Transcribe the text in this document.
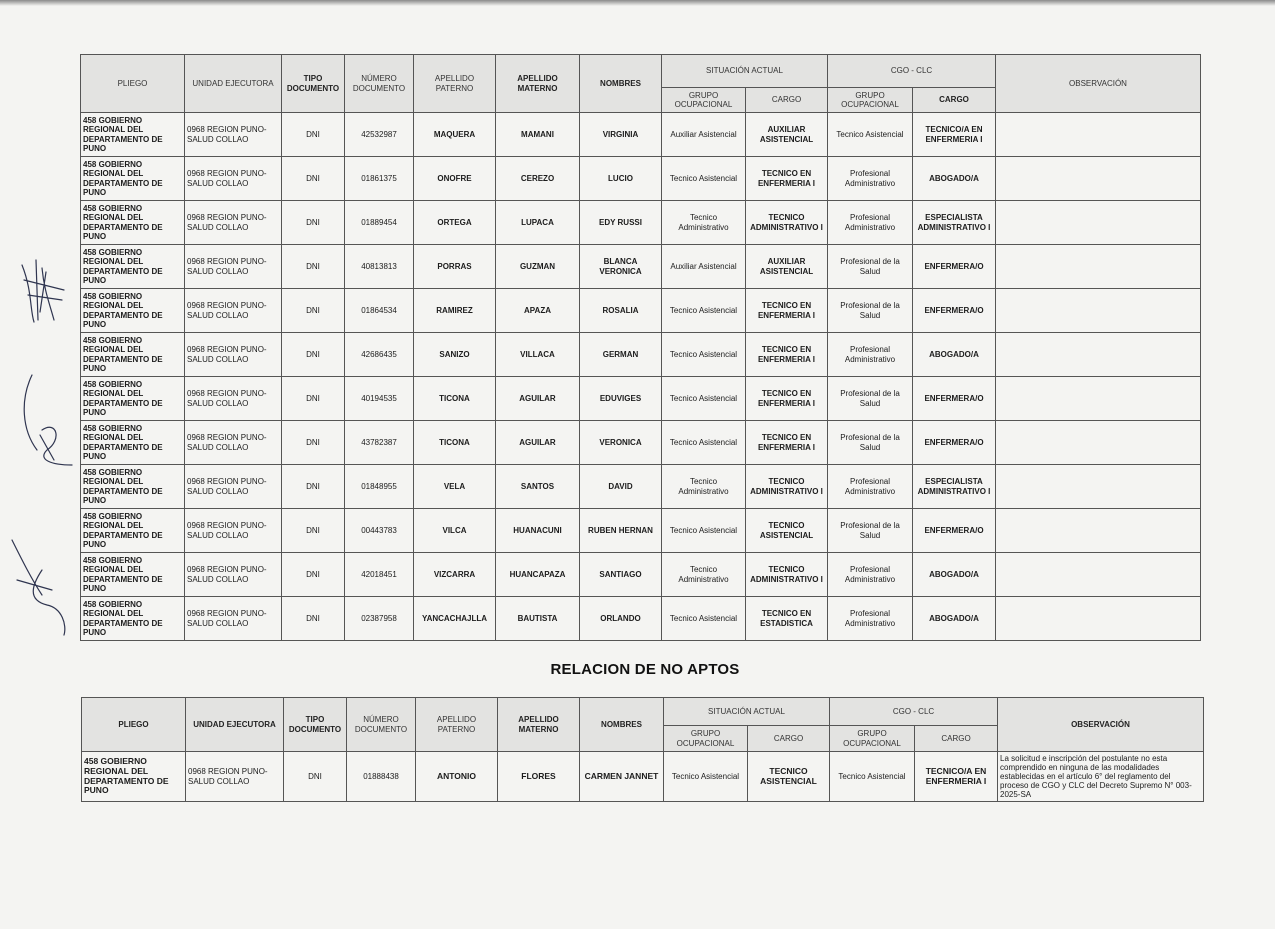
PLIEGO	UNIDAD EJECUTORA	TIPO DOCUMENTO	NÚMERO DOCUMENTO	APELLIDO PATERNO	APELLIDO MATERNO	NOMBRES	SITUACIÓN ACTUAL		CGO - CLC		OBSERVACIÓN
							GRUPO OCUPACIONAL	CARGO	GRUPO OCUPACIONAL	CARGO	
458 GOBIERNO REGIONAL DEL DEPARTAMENTO DE PUNO	0968 REGION PUNO-SALUD COLLAO	DNI	42532987	MAQUERA	MAMANI	VIRGINIA	Auxiliar Asistencial	AUXILIAR ASISTENCIAL	Tecnico Asistencial	TECNICO/A EN ENFERMERIA I	
458 GOBIERNO REGIONAL DEL DEPARTAMENTO DE PUNO	0968 REGION PUNO-SALUD COLLAO	DNI	01861375	ONOFRE	CEREZO	LUCIO	Tecnico Asistencial	TECNICO EN ENFERMERIA I	Profesional Administrativo	ABOGADO/A	
458 GOBIERNO REGIONAL DEL DEPARTAMENTO DE PUNO	0968 REGION PUNO-SALUD COLLAO	DNI	01889454	ORTEGA	LUPACA	EDY RUSSI	Tecnico Administrativo	TECNICO ADMINISTRATIVO I	Profesional Administrativo	ESPECIALISTA ADMINISTRATIVO I	
458 GOBIERNO REGIONAL DEL DEPARTAMENTO DE PUNO	0968 REGION PUNO-SALUD COLLAO	DNI	40813813	PORRAS	GUZMAN	BLANCA VERONICA	Auxiliar Asistencial	AUXILIAR ASISTENCIAL	Profesional de la Salud	ENFERMERA/O	
458 GOBIERNO REGIONAL DEL DEPARTAMENTO DE PUNO	0968 REGION PUNO-SALUD COLLAO	DNI	01864534	RAMIREZ	APAZA	ROSALIA	Tecnico Asistencial	TECNICO EN ENFERMERIA I	Profesional de la Salud	ENFERMERA/O	
458 GOBIERNO REGIONAL DEL DEPARTAMENTO DE PUNO	0968 REGION PUNO-SALUD COLLAO	DNI	42686435	SANIZO	VILLACA	GERMAN	Tecnico Asistencial	TECNICO EN ENFERMERIA I	Profesional Administrativo	ABOGADO/A	
458 GOBIERNO REGIONAL DEL DEPARTAMENTO DE PUNO	0968 REGION PUNO-SALUD COLLAO	DNI	40194535	TICONA	AGUILAR	EDUVIGES	Tecnico Asistencial	TECNICO EN ENFERMERIA I	Profesional de la Salud	ENFERMERA/O	
458 GOBIERNO REGIONAL DEL DEPARTAMENTO DE PUNO	0968 REGION PUNO-SALUD COLLAO	DNI	43782387	TICONA	AGUILAR	VERONICA	Tecnico Asistencial	TECNICO EN ENFERMERIA I	Profesional de la Salud	ENFERMERA/O	
458 GOBIERNO REGIONAL DEL DEPARTAMENTO DE PUNO	0968 REGION PUNO-SALUD COLLAO	DNI	01848955	VELA	SANTOS	DAVID	Tecnico Administrativo	TECNICO ADMINISTRATIVO I	Profesional Administrativo	ESPECIALISTA ADMINISTRATIVO I	
458 GOBIERNO REGIONAL DEL DEPARTAMENTO DE PUNO	0968 REGION PUNO-SALUD COLLAO	DNI	00443783	VILCA	HUANACUNI	RUBEN HERNAN	Tecnico Asistencial	TECNICO ASISTENCIAL	Profesional de la Salud	ENFERMERA/O	
458 GOBIERNO REGIONAL DEL DEPARTAMENTO DE PUNO	0968 REGION PUNO-SALUD COLLAO	DNI	42018451	VIZCARRA	HUANCAPAZA	SANTIAGO	Tecnico Administrativo	TECNICO ADMINISTRATIVO I	Profesional Administrativo	ABOGADO/A	
458 GOBIERNO REGIONAL DEL DEPARTAMENTO DE PUNO	0968 REGION PUNO-SALUD COLLAO	DNI	02387958	YANCACHAJLLA	BAUTISTA	ORLANDO	Tecnico Asistencial	TECNICO EN ESTADISTICA	Profesional Administrativo	ABOGADO/A	
RELACION DE NO APTOS
PLIEGO	UNIDAD EJECUTORA	TIPO DOCUMENTO	NÚMERO DOCUMENTO	APELLIDO PATERNO	APELLIDO MATERNO	NOMBRES	SITUACIÓN ACTUAL		CGO - CLC		OBSERVACIÓN
							GRUPO OCUPACIONAL	CARGO	GRUPO OCUPACIONAL	CARGO	
458 GOBIERNO REGIONAL DEL DEPARTAMENTO DE PUNO	0968 REGION PUNO-SALUD COLLAO	DNI	01888438	ANTONIO	FLORES	CARMEN JANNET	Tecnico Asistencial	TECNICO ASISTENCIAL	Tecnico Asistencial	TECNICO/A EN ENFERMERIA I	La solicitud e inscripción del postulante no esta comprendido en ninguna de las modalidades establecidas en el artículo 6° del reglamento del proceso de CGO y CLC del Decreto Supremo N° 003-2025-SA
